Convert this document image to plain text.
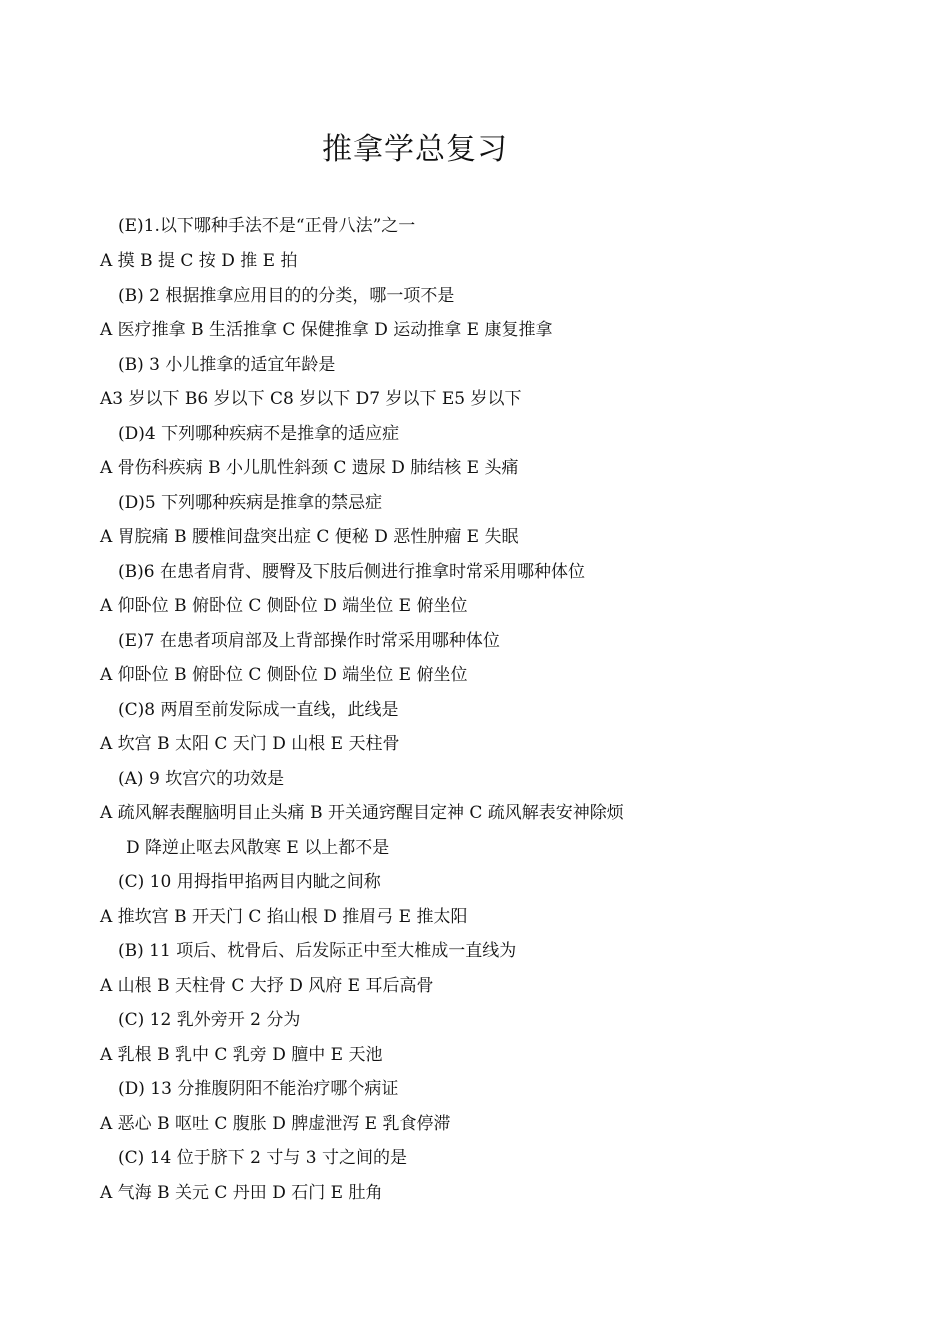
推拿学总复习
(E)1.以下哪种手法不是“正骨八法”之一
A 摸 B 提 C 按 D 推 E 拍
(B) 2 根据推拿应用目的的分类，哪一项不是
A 医疗推拿 B 生活推拿 C 保健推拿 D 运动推拿 E 康复推拿
(B) 3 小儿推拿的适宜年龄是
A3 岁以下 B6 岁以下 C8 岁以下 D7 岁以下 E5 岁以下
(D)4 下列哪种疾病不是推拿的适应症
A 骨伤科疾病 B 小儿肌性斜颈 C 遗尿 D 肺结核 E 头痛
(D)5 下列哪种疾病是推拿的禁忌症
A 胃脘痛 B 腰椎间盘突出症 C 便秘 D 恶性肿瘤 E 失眠
(B)6 在患者肩背、腰臀及下肢后侧进行推拿时常采用哪种体位
A 仰卧位 B 俯卧位 C 侧卧位 D 端坐位 E 俯坐位
(E)7 在患者项肩部及上背部操作时常采用哪种体位
A 仰卧位 B 俯卧位 C 侧卧位 D 端坐位 E 俯坐位
(C)8 两眉至前发际成一直线，此线是
A 坎宫 B 太阳 C 天门 D 山根 E 天柱骨
(A) 9 坎宫穴的功效是
A 疏风解表醒脑明目止头痛 B 开关通窍醒目定神 C 疏风解表安神除烦
D 降逆止呕去风散寒 E 以上都不是
(C) 10 用拇指甲掐两目内眦之间称
A 推坎宫 B 开天门 C 掐山根 D 推眉弓 E 推太阳
(B) 11 项后、枕骨后、后发际正中至大椎成一直线为
A 山根 B 天柱骨 C 大抒 D 风府 E 耳后高骨
(C) 12 乳外旁开 2 分为
A 乳根 B 乳中 C 乳旁 D 膻中 E 天池
(D) 13 分推腹阴阳不能治疗哪个病证
A 恶心 B 呕吐 C 腹胀 D 脾虚泄泻 E 乳食停滞
(C) 14 位于脐下 2 寸与 3 寸之间的是
A 气海 B 关元 C 丹田 D 石门 E 肚角
